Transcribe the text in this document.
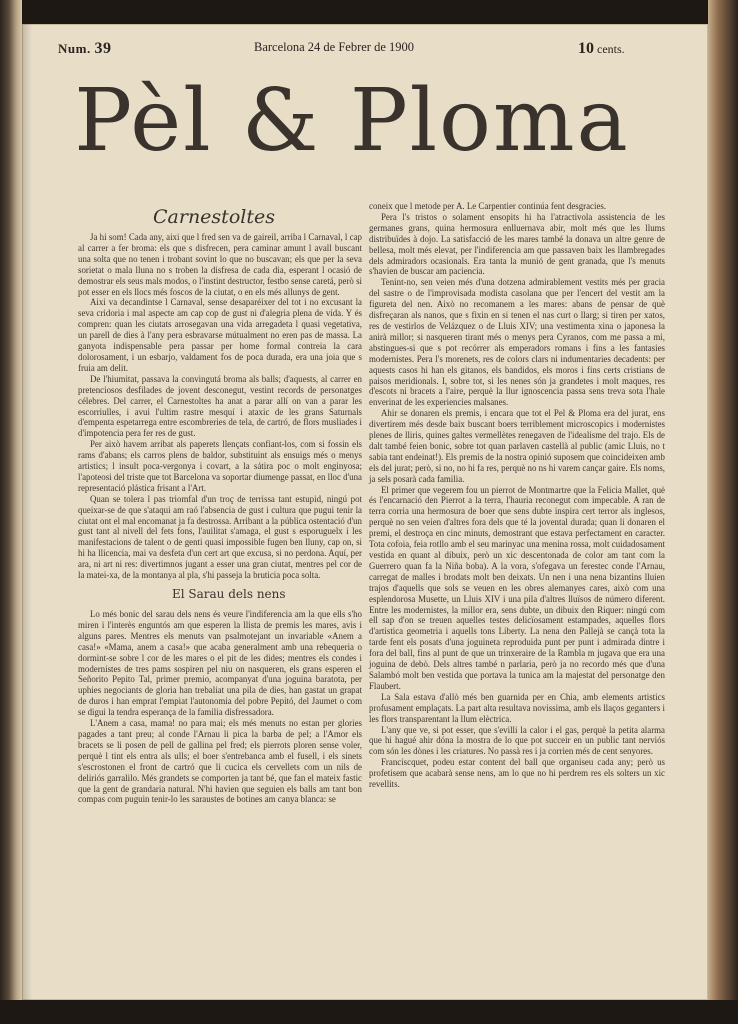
Num. 39	Barcelona 24 de Febrer de 1900	10 cents.
Pèl & Ploma
Carnestoltes

Ja hi som! Cada any, aixi que l fred sen va de gaireil, arriba l Carnaval, l cap al carrer a fer broma: els que s disfrecen, pera caminar amunt l avall buscant una solta que no tenen i trobant sovint lo que no buscavan; els que per la seva sorietat o mala lluna no s troben la disfresa de cada dia, esperant l ocasió de demostrar els seus mals modos, o l'instint destructor, festbo sense caretá, però si pot esser en els llocs més foscos de la ciutat, o en els més allunys de gent.

Aixi va decandintse l Carnaval, sense desaparéixer del tot i no excusant la seva cridoria i mal aspecte am cap cop de gust ni d'alegria plena de vida. Y és compren: quan les ciutats arrosegavan una vida arregadeta l quasi vegetativa, un parell de dies à l'any pera esbravarse mútualment no eren pas de massa. La ganyota indispensable pera passar per home formal contreia la cara dolorosament, i un esbarjo, valdament fos de poca durada, era una joia que s fruia am delit.

De l'hiumitat, passava la convingutá broma als balls; d'aquests, al carrer en pretenciosos desfilades de jovent desconegut, vestint records de personatges célebres. Del carrer, el Carnestoltes ha anat a parar allí on van a parar les escorriulles, i avui l'ultim rastre mesquí i ataxic de les grans Saturnals d'empenta espetarrega entre escombreries de tela, de cartró, de flors musliades i d'impotencia pera fer res de gust.

Per això havem arribat als paperets llençats confiant-los, com si fossin els rams d'abans; els carros plens de baldor, substituint als ensuigs més o menys artistics; l insult poca-vergonya i covart, a la sátira poc o molt enginyosa; l'apoteosi del triste que tot Barcelona va soportar diumenge passat, en lloc d'una representació plástica frisant a l'Art.

Quan se tolera l pas triomfal d'un troç de terrissa tant estupid, ningú pot queixar-se de que s'ataqui am raó l'absencia de gust i cultura que pugui tenir la ciutat ont el mal encomanat ja fa destrossa. Arribant a la pública ostentació d'un gust tant al nivell del fets fons, l'auilitat s'amaga, el gust s esporuguelx i les manifestacions de talent o de genti quasi impossible fugen ben lluny, cap on, si hi ha llicencia, mai va desfeta d'un cert art que excusa, si no perdona. Aquí, per ara, ni art ni res: divertimnos jugant a esser una gran ciutat, mentres pel cor de la matei-xa, de la montanya al pla, s'hi passeja la bruticia poca solta.

Lo més bonic del sarau dels nens és veure l'indiferencia am la que ells s'ho miren i l'interès enguntós am que esperen la llista de premis les mares, avis i alguns pares. Mentres els menuts van psalmotejant un invariable «Anem a casa!» «Mama, anem a casa!» que acaba generalment amb una rebequeria o dormint-se sobre l cor de les mares o el pit de les dides; mentres els condes i modernistes de tres pams sospiren pel niu on nasqueren, els grans esperen el Señorito Pepito Tal, primer premio, acompanyat d'una joguina baratota, per uphies negociants de gloria han trebaliat una pila de dies, han gastat un grapat de duros i han emprat l'empiat l'autonomia del pobre Pepitó, del Jaumet o com se digui la tendra esperança de la familia disfressadora.

L'Anem a casa, mama! no para mai; els més menuts no estan per glories pagades a tant preu; al conde l'Arnau li pica la barba de pel; a l'Amor els bracets se li posen de pell de gallina pel fred; els pierrots ploren sense voler, perquè l tint els entra als ulls; el boer s'entrebanca amb el fusell, i els sinets s'escrostonen el front de cartró que li cucica els cervellets com un nils de deliriós garralilo. Més grandets se comporten ja tant bé, que fan el mateix fastic que la gent de grandaria natural. N'hi havien que seguien els balls am tant bon compas com puguin tenir-lo les saraustes de botines am canya blanca: se

El Sarau dels nens

coneix que l metode per A. Le Carpentier continúa fent desgracies.

Pera l's tristos o solament ensopits hi ha l'atractivola assistencia de les germanes grans, quina hermosura enlluernava abir, molt més que les llums distribuïdes à dojo. La satisfacció de les mares també la donava un altre genre de bellesa, molt més elevat, per l'indiferencia am que passaven baix les llambregades dels admiradors ocasionals. Era tanta la munió de gent granada, que l's menuts s'havien de buscar am paciencia.

Tenint-no, sen veien més d'una dotzena admirablement vestits més per gracia del sastre o de l'improvisada modista casolana que per l'encert del vestit am la figureta del nen. Això no recomanem a les mares: abans de pensar de què disfreçaran als nanos, que s fixin en si tenen el nas curt o llarg; si tiren per xatos, res de vestirlos de Velázquez o de Lluis XIV; una vestimenta xina o japonesa la anirà millor; si nasqueren tirant més o menys pera Cyranos, com me passa a mi, abstingues-si que s pot recórrer als emperadors romans i fins a les fantasies modernistes. Pera l's morenets, res de colors clars ni indumentaries decadents: per aquests casos hi han els gitanos, els bandidos, els moros i fins certs cristians de paisos meridionals. I, sobre tot, si les nenes són ja grandetes i molt maques, res d'escots ni bracets a l'aire, perquè la llur ignoscencia passa sens treva sota l'hale enverinat de les experiencies malsanes.

Ahir se donaren els premis, i encara que tot el Pel & Ploma era del jurat, ens divertirem més desde baix buscant boers terriblement microscopics i modernistes plenes de lliris, quines galtes vermellètes renegaven de l'idealisme del trajo. Els de dalt també feien bonic, sobre tot quan parlaven castellà al public (amic Lluis, no t sabia tant endeinat!). Els premis de la nostra opinió suposem que coincideixen amb els del jurat; però, si no, no hi fa res, perquè no ns hi varem cançar gaire. Els noms, ja sels posarà cada familia.

El primer que vegerem fou un pierrot de Montmartre que la Felicia Mallet, què és l'encarnació den Pierrot a la terra, l'hauria reconegut com impecable. A ran de terra corria una hermosura de boer que sens dubte inspira cert terror als inglesos, perquè no sen veien d'altres fora dels que té la jovental durada; quan li donaren el premi, el destroça en cinc minuts, demostrant que estava perfectament en caracter. Tota cofoia, feia rotllo amb el seu marinyac una menina rossa, molt cuidadosament vestida en quant al dibuix, però un xic descentonada de color am tant com la Guerrero quan fa la Niña boba). A la vora, s'ofegava un ferestec conde l'Arnau, carregat de malles i brodats molt ben deixats. Un nen i una nena bizantins lluien trajos d'aquells que sols se veuen en les obres alemanyes cares, això com una esplendorosa Musette, un Lluis XIV i una pila d'altres lluïsos de número diferent. Entre les modernistes, la millor era, sens dubte, un dibuix den Riquer: ningú com ell sap d'on se treuen aquelles testes delicïosament estampades, aquelles flors d'artistica geometria i aquells tons Liberty. La nena den Pallejà se cançà tota la tarde fent els posats d'una joguineta reproduida punt per punt i admirada dintre i fora del ball, fins al punt de que un trinxeraire de la Rambla m jugava que era una joguina de debò. Dels altres també n parlaria, però ja no recordo més que d'una Salambó molt ben vestida que portava la tunica am la majestat del personatge den Flaubert.

La Sala estava d'allò més ben guarnida per en Chia, amb elements artistics profusament emplaçats. La part alta resultava novissima, amb els llaços geganters i les flors transparentant la llum elèctrica.

L'any que ve, si pot esser, que s'evilli la calor i el gas, perquè la petita alarma que hi hagué ahir dóna la mostra de lo que pot succeir en un public tant nerviós com són les dònes i les criatures. No passà res i ja corrien més de cent senyores.

Franciscquet, podeu estar content del ball que organiseu cada any; però us profetisem que acabarà sense nens, am lo que no hi perdrem res els solters un xic revellits.
